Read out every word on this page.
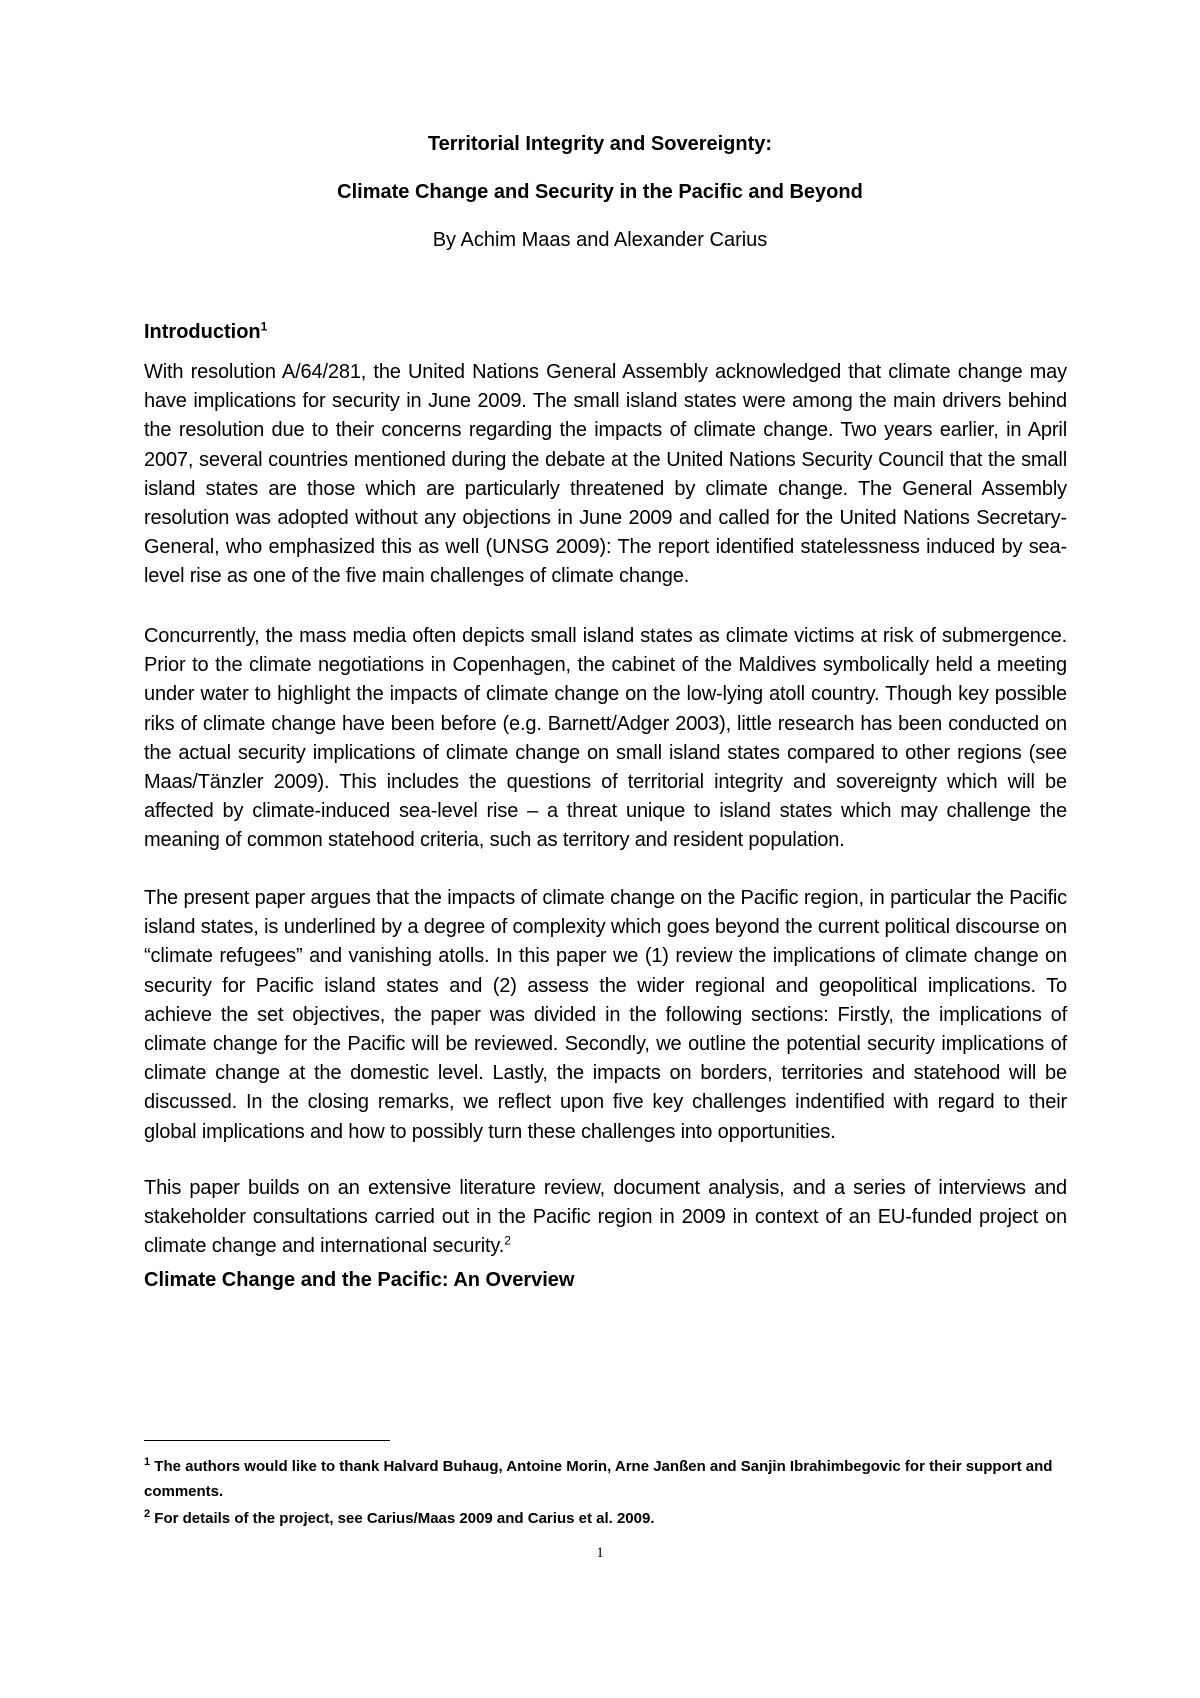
Territorial Integrity and Sovereignty:

Climate Change and Security in the Pacific and Beyond

By Achim Maas and Alexander Carius

Introduction$^1$

With resolution A/64/281, the United Nations General Assembly acknowledged that climate change may have implications for security in June 2009. The small island states were among the main drivers behind the resolution due to their concerns regarding the impacts of climate change. Two years earlier, in April 2007, several countries mentioned during the debate at the United Nations Security Council that the small island states are those which are particularly threatened by climate change. The General Assembly resolution was adopted without any objections in June 2009 and called for the United Nations Secretary-General, who emphasized this as well (UNSG 2009): The report identified statelessness induced by sea-level rise as one of the five main challenges of climate change.

Concurrently, the mass media often depicts small island states as climate victims at risk of submergence. Prior to the climate negotiations in Copenhagen, the cabinet of the Maldives symbolically held a meeting under water to highlight the impacts of climate change on the low-lying atoll country. Though key possible riks of climate change have been before (e.g. Barnett/Adger 2003), little research has been conducted on the actual security implications of climate change on small island states compared to other regions (see Maas/Tänzler 2009). This includes the questions of territorial integrity and sovereignty which will be affected by climate-induced sea-level rise – a threat unique to island states which may challenge the meaning of common statehood criteria, such as territory and resident population.

The present paper argues that the impacts of climate change on the Pacific region, in particular the Pacific island states, is underlined by a degree of complexity which goes beyond the current political discourse on “climate refugees” and vanishing atolls. In this paper we (1) review the implications of climate change on security for Pacific island states and (2) assess the wider regional and geopolitical implications. To achieve the set objectives, the paper was divided in the following sections: Firstly, the implications of climate change for the Pacific will be reviewed. Secondly, we outline the potential security implications of climate change at the domestic level. Lastly, the impacts on borders, territories and statehood will be discussed. In the closing remarks, we reflect upon five key challenges indentified with regard to their global implications and how to possibly turn these challenges into opportunities.

This paper builds on an extensive literature review, document analysis, and a series of interviews and stakeholder consultations carried out in the Pacific region in 2009 in context of an EU-funded project on climate change and international security.$^2$

Climate Change and the Pacific: An Overview

$^1$ The authors would like to thank Halvard Buhaug, Antoine Morin, Arne Janßen and Sanjin Ibrahimbegovic for their support and comments.

$^2$ For details of the project, see Carius/Maas 2009 and Carius et al. 2009.

1
